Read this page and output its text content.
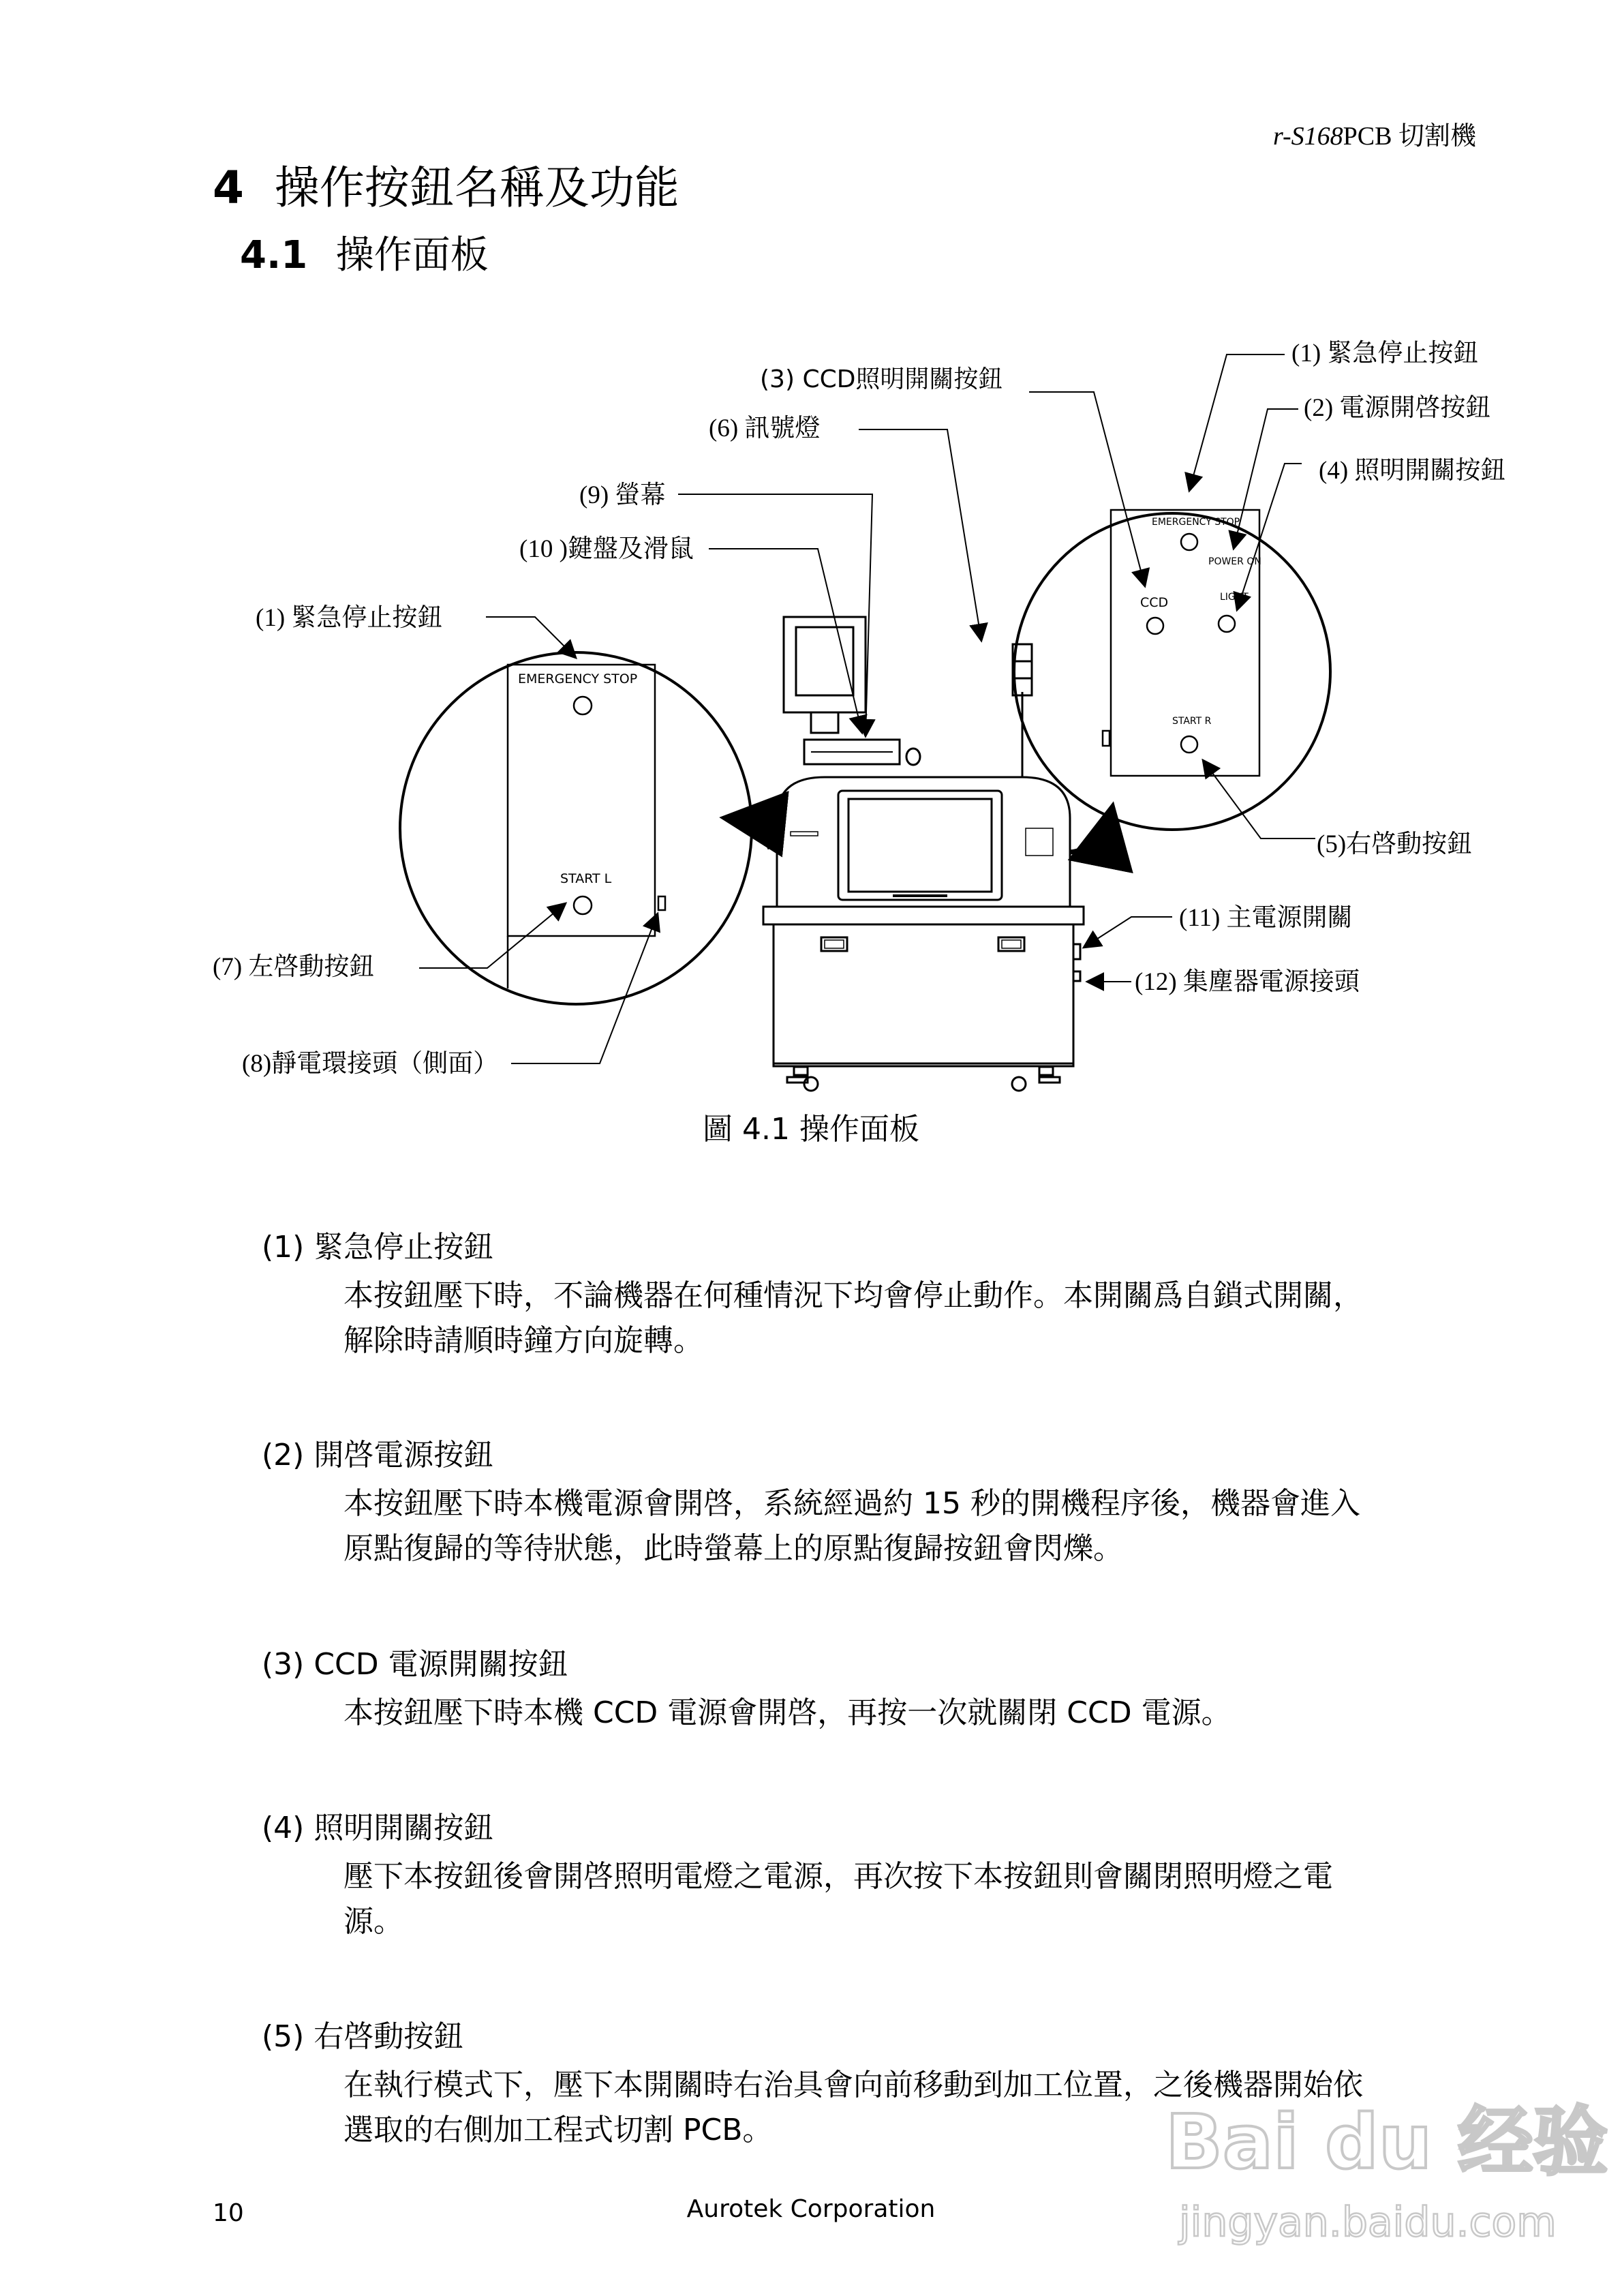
r-S168PCB 切割機
4 操作按鈕名稱及功能
4.1 操作面板
EMERGENCY STOP
START L
EMERGENCY STOP
POWER ON
CCD	LIGHT
START R
(1) 緊急停止按鈕
(2) 電源開啓按鈕
(3) CCD照明開關按鈕
(4) 照明開關按鈕
(5)右啓動按鈕
(6) 訊號燈
(9) 螢幕
(10 )鍵盤及滑鼠
(1) 緊急停止按鈕
(7) 左啓動按鈕
(8)靜電環接頭（側面）
(11) 主電源開關
(12) 集塵器電源接頭
圖 4.1 操作面板
(1) 緊急停止按鈕
本按鈕壓下時，不論機器在何種情況下均會停止動作。本開關爲自鎖式開關，
解除時請順時鐘方向旋轉。
(2) 開啓電源按鈕
本按鈕壓下時本機電源會開啓，系統經過約 15 秒的開機程序後，機器會進入
原點復歸的等待狀態，此時螢幕上的原點復歸按鈕會閃爍。
(3) CCD 電源開關按鈕
本按鈕壓下時本機 CCD 電源會開啓，再按一次就關閉 CCD 電源。
(4) 照明開關按鈕
壓下本按鈕後會開啓照明電燈之電源，再次按下本按鈕則會關閉照明燈之電
源。
(5) 右啓動按鈕
在執行模式下，壓下本開關時右治具會向前移動到加工位置，之後機器開始依
選取的右側加工程式切割 PCB。
10	Aurotek Corporation
Bai du 经验
jingyan.baidu.com
